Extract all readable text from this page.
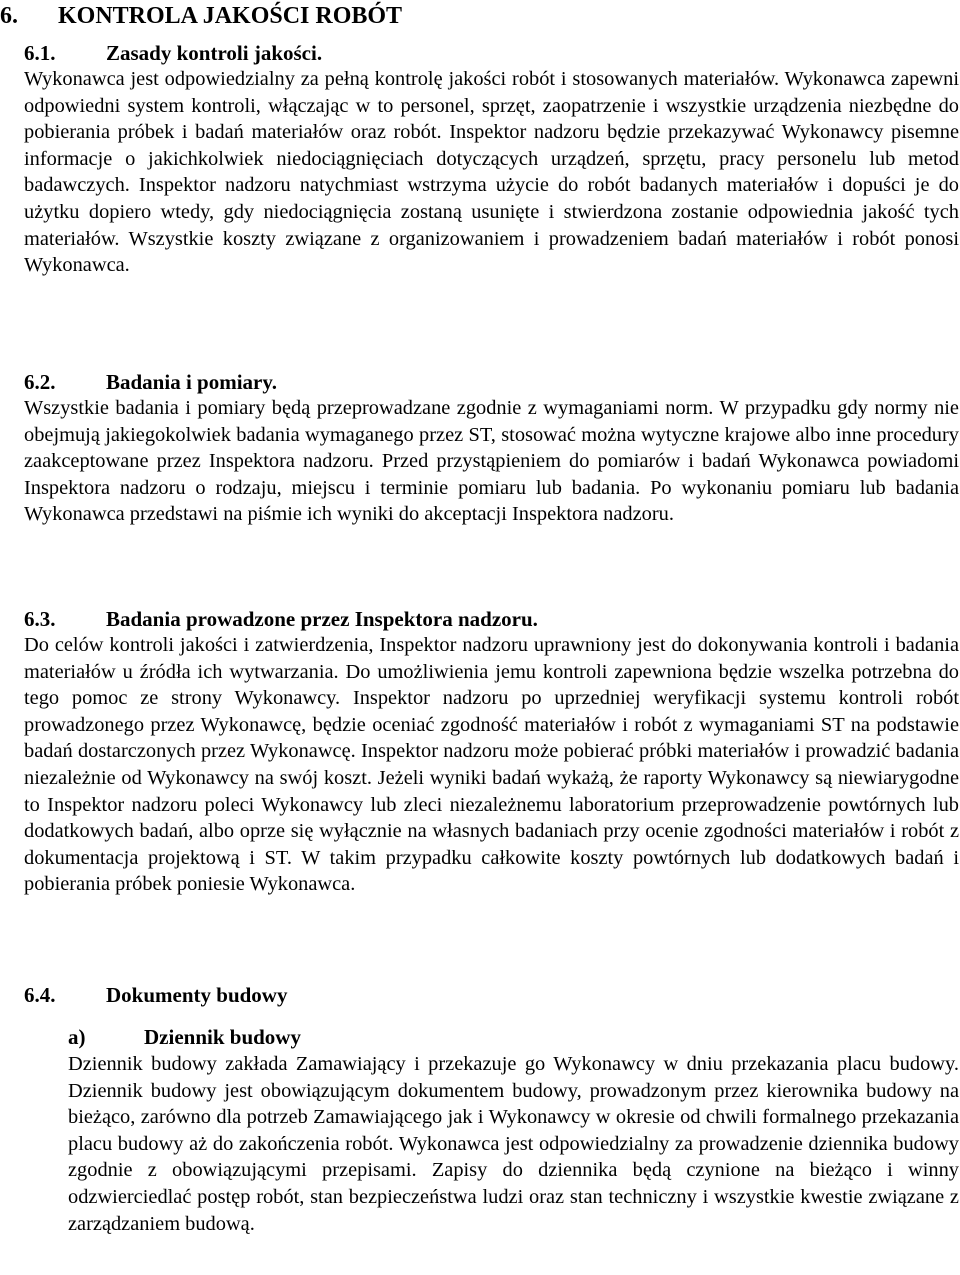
6. KONTROLA JAKOŚCI ROBÓT
6.1. Zasady kontroli jakości.

Wykonawca jest odpowiedzialny za pełną kontrolę jakości robót i stosowanych materiałów. Wykonawca zapewni odpowiedni system kontroli, włączając w to personel, sprzęt, zaopatrzenie i wszystkie urządzenia niezbędne do pobierania próbek i badań materiałów oraz robót. Inspektor nadzoru będzie przekazywać Wykonawcy pisemne informacje o jakichkolwiek niedociągnięciach dotyczących urządzeń, sprzętu, pracy personelu lub metod badawczych. Inspektor nadzoru natychmiast wstrzyma użycie do robót badanych materiałów i dopuści je do użytku dopiero wtedy, gdy niedociągnięcia zostaną usunięte i stwierdzona zostanie odpowiednia jakość tych materiałów. Wszystkie koszty związane z organizowaniem i prowadzeniem badań materiałów i robót ponosi Wykonawca.

6.2. Badania i pomiary.

Wszystkie badania i pomiary będą przeprowadzane zgodnie z wymaganiami norm. W przypadku gdy normy nie obejmują jakiegokolwiek badania wymaganego przez ST, stosować można wytyczne krajowe albo inne procedury zaakceptowane przez Inspektora nadzoru. Przed przystąpieniem do pomiarów i badań Wykonawca powiadomi Inspektora nadzoru o rodzaju, miejscu i terminie pomiaru lub badania. Po wykonaniu pomiaru lub badania Wykonawca przedstawi na piśmie ich wyniki do akceptacji Inspektora nadzoru.

6.3. Badania prowadzone przez Inspektora nadzoru.

Do celów kontroli jakości i zatwierdzenia, Inspektor nadzoru uprawniony jest do dokonywania kontroli i badania materiałów u źródła ich wytwarzania. Do umożliwienia jemu kontroli zapewniona będzie wszelka potrzebna do tego pomoc ze strony Wykonawcy. Inspektor nadzoru po uprzedniej weryfikacji systemu kontroli robót prowadzonego przez Wykonawcę, będzie oceniać zgodność materiałów i robót z wymaganiami ST na podstawie badań dostarczonych przez Wykonawcę. Inspektor nadzoru może pobierać próbki materiałów i prowadzić badania niezależnie od Wykonawcy na swój koszt. Jeżeli wyniki badań wykażą, że raporty Wykonawcy są niewiarygodne to Inspektor nadzoru poleci Wykonawcy lub zleci niezależnemu laboratorium przeprowadzenie powtórnych lub dodatkowych badań, albo oprze się wyłącznie na własnych badaniach przy ocenie zgodności materiałów i robót z dokumentacja projektową i ST. W takim przypadku całkowite koszty powtórnych lub dodatkowych badań i pobierania próbek poniesie Wykonawca.

6.4. Dokumenty budowy
a)	Dziennik budowy

Dziennik budowy zakłada Zamawiający i przekazuje go Wykonawcy w dniu przekazania placu budowy. Dziennik budowy jest obowiązującym dokumentem budowy, prowadzonym przez kierownika budowy na bieżąco, zarówno dla potrzeb Zamawiającego jak i Wykonawcy w okresie od chwili formalnego przekazania placu budowy aż do zakończenia robót. Wykonawca jest odpowiedzialny za prowadzenie dziennika budowy zgodnie z obowiązującymi przepisami. Zapisy do dziennika będą czynione na bieżąco i winny odzwierciedlać postęp robót, stan bezpieczeństwa ludzi oraz stan techniczny i wszystkie kwestie związane z zarządzaniem budową.
